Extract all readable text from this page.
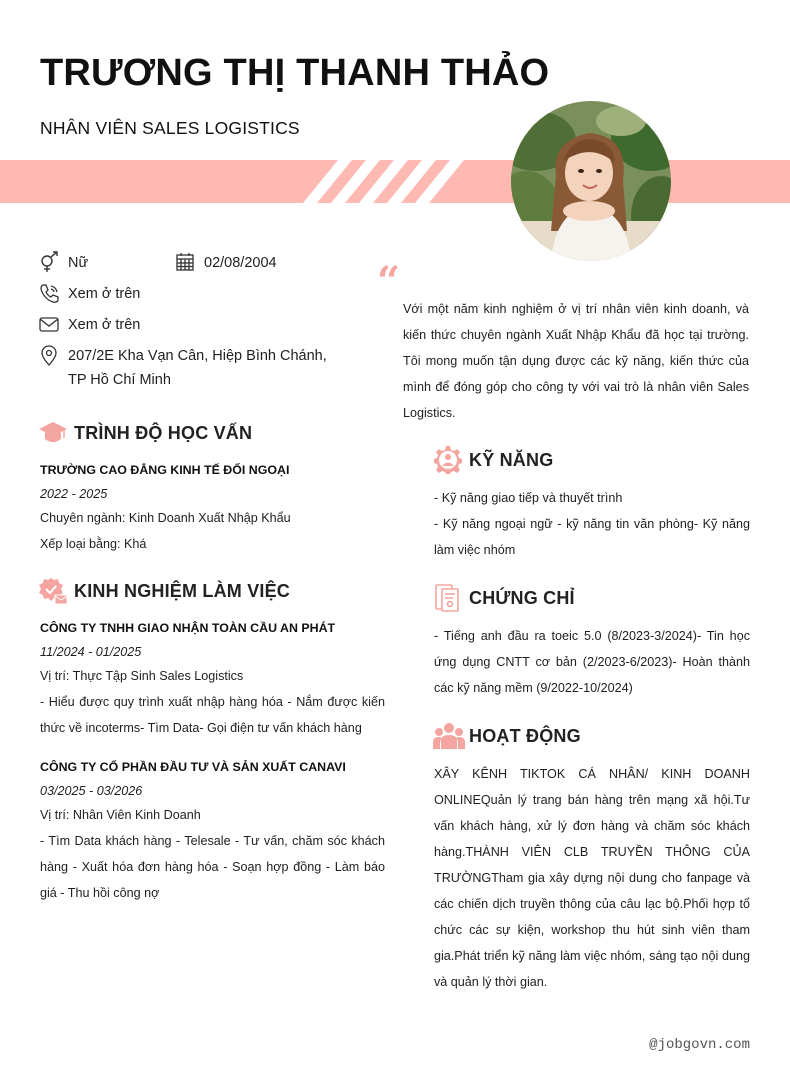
TRƯƠNG THỊ THANH THẢO
NHÂN VIÊN SALES LOGISTICS
Nữ	02/08/2004
Xem ở trên
Xem ở trên
207/2E Kha Vạn Cân, Hiệp Bình Chánh,
TP Hồ Chí Minh
“
Với một năm kinh nghiệm ở vị trí nhân viên kinh doanh, và kiến thức chuyên ngành Xuất Nhập Khẩu đã học tại trường. Tôi mong muốn tận dụng được các kỹ năng, kiến thức của mình để đóng góp cho công ty với vai trò là nhân viên Sales Logistics.
TRÌNH ĐỘ HỌC VẤN
TRƯỜNG CAO ĐẲNG KINH TẾ ĐỐI NGOẠI
2022 - 2025
Chuyên ngành: Kinh Doanh Xuất Nhập Khẩu
Xếp loại bằng: Khá
KINH NGHIỆM LÀM VIỆC
CÔNG TY TNHH GIAO NHẬN TOÀN CẦU AN PHÁT
11/2024 - 01/2025
Vị trí: Thực Tập Sinh Sales Logistics
- Hiểu được quy trình xuất nhập hàng hóa - Nắm được kiến thức về incoterms- Tìm Data- Gọi điện tư vấn khách hàng
CÔNG TY CỔ PHẦN ĐẦU TƯ VÀ SẢN XUẤT CANAVI
03/2025 - 03/2026
Vị trí: Nhân Viên Kinh Doanh
- Tìm Data khách hàng - Telesale - Tư vấn, chăm sóc khách hàng - Xuất hóa đơn hàng hóa - Soạn hợp đồng - Làm báo giá - Thu hồi công nợ
KỸ NĂNG
- Kỹ năng giao tiếp và thuyết trình
- Kỹ năng ngoại ngữ - kỹ năng tin văn phòng- Kỹ năng làm việc nhóm
CHỨNG CHỈ
- Tiếng anh đầu ra toeic 5.0 (8/2023-3/2024)- Tin học ứng dụng CNTT cơ bản (2/2023-6/2023)- Hoàn thành các kỹ năng mềm (9/2022-10/2024)
HOẠT ĐỘNG
XÂY KÊNH TIKTOK CÁ NHÂN/ KINH DOANH ONLINEQuản lý trang bán hàng trên mạng xã hội.Tư vấn khách hàng, xử lý đơn hàng và chăm sóc khách hàng.THÀNH VIÊN CLB TRUYỀN THÔNG CỦA TRƯỜNGTham gia xây dựng nội dung cho fanpage và các chiến dịch truyền thông của câu lạc bộ.Phối hợp tổ chức các sự kiện, workshop thu hút sinh viên tham gia.Phát triển kỹ năng làm việc nhóm, sáng tạo nội dung và quản lý thời gian.
@jobgovn.com
